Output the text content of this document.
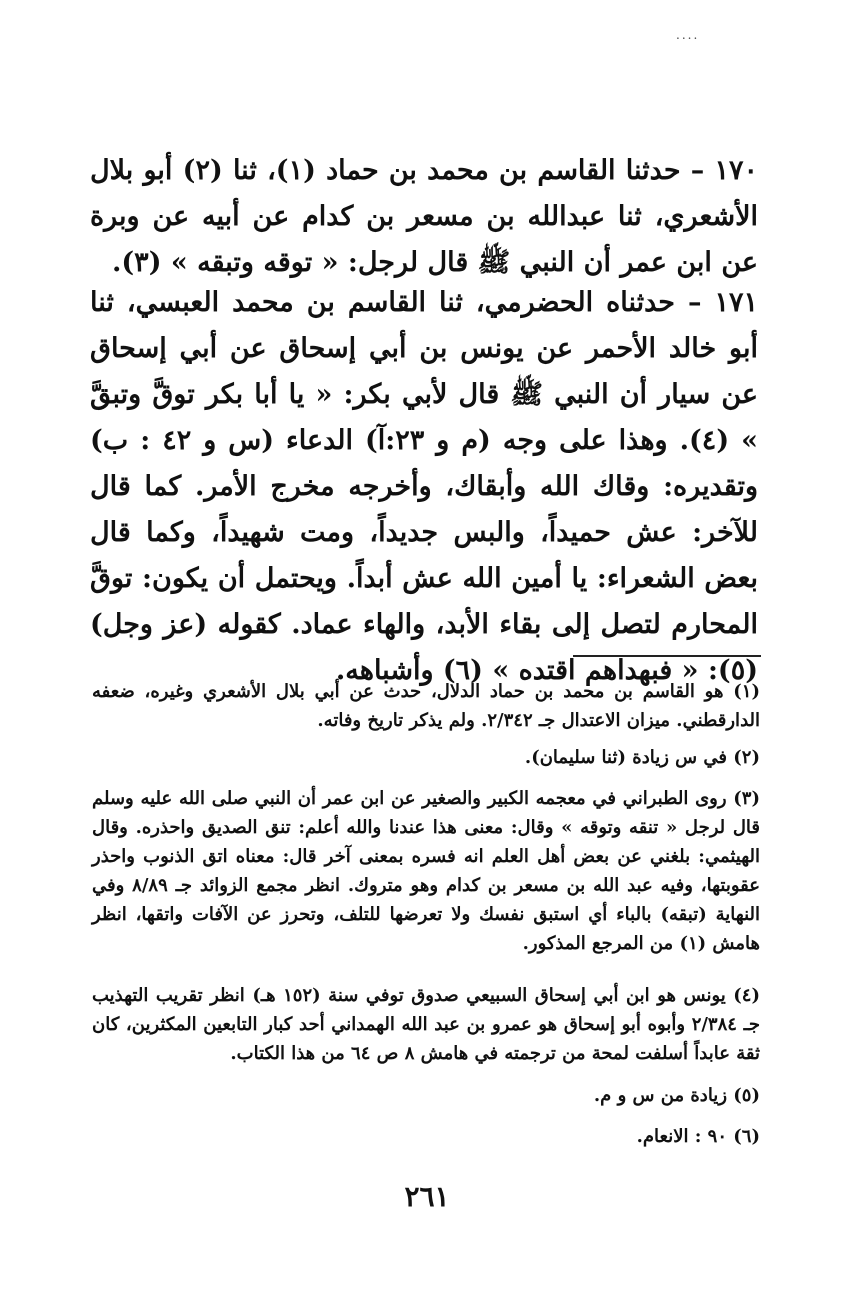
....

١٧٠ – حدثنا القاسم بن محمد بن حماد (١)، ثنا (٢) أبو بلال الأشعري، ثنا عبدالله بن مسعر بن كدام عن أبيه عن وبرة عن ابن عمر أن النبي ﷺ قال لرجل: « توقه وتبقه » (٣).

١٧١ – حدثناه الحضرمي، ثنا القاسم بن محمد العبسي، ثنا أبو خالد الأحمر عن يونس بن أبي إسحاق عن أبي إسحاق عن سيار أن النبي ﷺ قال لأبي بكر: « يا أبا بكر توقَّ وتبقَّ » (٤). وهذا على وجه (م و ٢٣:آ) الدعاء (س و ٤٢ : ب) وتقديره: وقاك الله وأبقاك، وأخرجه مخرج الأمر. كما قال للآخر: عش حميداً، والبس جديداً، ومت شهيداً، وكما قال بعض الشعراء: يا أمين الله عش أبداً. ويحتمل أن يكون: توقَّ المحارم لتصل إلى بقاء الأبد، والهاء عماد. كقوله (عز وجل) (٥): « فبهداهم اقتده » (٦) وأشباهه.

(١) هو القاسم بن محمد بن حماد الدلال، حدث عن أبي بلال الأشعري وغيره، ضعفه الدارقطني. ميزان الاعتدال جـ ٢/٣٤٢. ولم يذكر تاريخ وفاته.

(٢) في س زيادة (ثنا سليمان).

(٣) روى الطبراني في معجمه الكبير والصغير عن ابن عمر أن النبي صلى الله عليه وسلم قال لرجل « تنقه وتوقه » وقال: معنى هذا عندنا والله أعلم: تنق الصديق واحذره. وقال الهيثمي: بلغني عن بعض أهل العلم انه فسره بمعنى آخر قال: معناه اتق الذنوب واحذر عقوبتها، وفيه عبد الله بن مسعر بن كدام وهو متروك. انظر مجمع الزوائد جـ ٨/٨٩ وفي النهاية (تبقه) بالباء أي استبق نفسك ولا تعرضها للتلف، وتحرز عن الآفات واتقها، انظر هامش (١) من المرجع المذكور.

(٤) يونس هو ابن أبي إسحاق السبيعي صدوق توفي سنة (١٥٢ هـ) انظر تقريب التهذيب جـ ٢/٣٨٤ وأبوه أبو إسحاق هو عمرو بن عبد الله الهمداني أحد كبار التابعين المكثرين، كان ثقة عابداً أسلفت لمحة من ترجمته في هامش ٨ ص ٦٤ من هذا الكتاب.

(٥) زيادة من س و م.

(٦) ٩٠ : الانعام.

٢٦١
